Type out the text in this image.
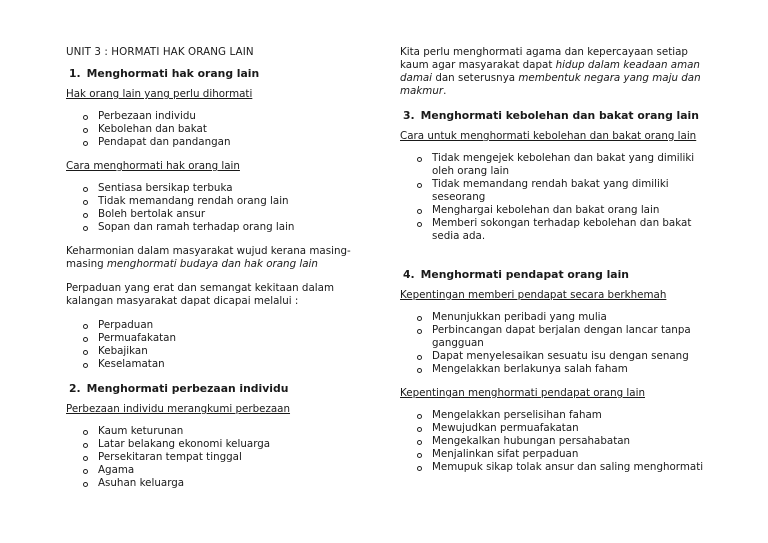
UNIT 3 : HORMATI HAK ORANG LAIN
1. Menghormati hak orang lain
Hak orang lain yang perlu dihormati
Perbezaan individu
Kebolehan dan bakat
Pendapat dan pandangan
Cara menghormati hak orang lain
Sentiasa bersikap terbuka
Tidak memandang rendah orang lain
Boleh bertolak ansur
Sopan dan ramah terhadap orang lain

Keharmonian dalam masyarakat wujud kerana masing-masing menghormati budaya dan hak orang lain

Perpaduan yang erat dan semangat kekitaan dalam kalangan masyarakat dapat dicapai melalui :

Perpaduan
Permuafakatan
Kebajikan
Keselamatan
2. Menghormati perbezaan individu
Perbezaan individu merangkumi perbezaan
Kaum keturunan
Latar belakang ekonomi keluarga
Persekitaran tempat tinggal
Agama
Asuhan keluarga

Kita perlu menghormati agama dan kepercayaan setiap kaum agar masyarakat dapat hidup dalam keadaan aman damai dan seterusnya membentuk negara yang maju dan makmur.

3. Menghormati kebolehan dan bakat orang lain
Cara untuk menghormati kebolehan dan bakat orang lain
Tidak mengejek kebolehan dan bakat yang dimiliki oleh orang lain
Tidak memandang rendah bakat yang dimiliki seseorang
Menghargai kebolehan dan bakat orang lain
Memberi sokongan terhadap kebolehan dan bakat sedia ada.
4. Menghormati pendapat orang lain
Kepentingan memberi pendapat secara berkhemah
Menunjukkan peribadi yang mulia
Perbincangan dapat berjalan dengan lancar tanpa gangguan
Dapat menyelesaikan sesuatu isu dengan senang
Mengelakkan berlakunya salah faham
Kepentingan menghormati pendapat orang lain
Mengelakkan perselisihan faham
Mewujudkan permuafakatan
Mengekalkan hubungan persahabatan
Menjalinkan sifat perpaduan
Memupuk sikap tolak ansur dan saling menghormati
